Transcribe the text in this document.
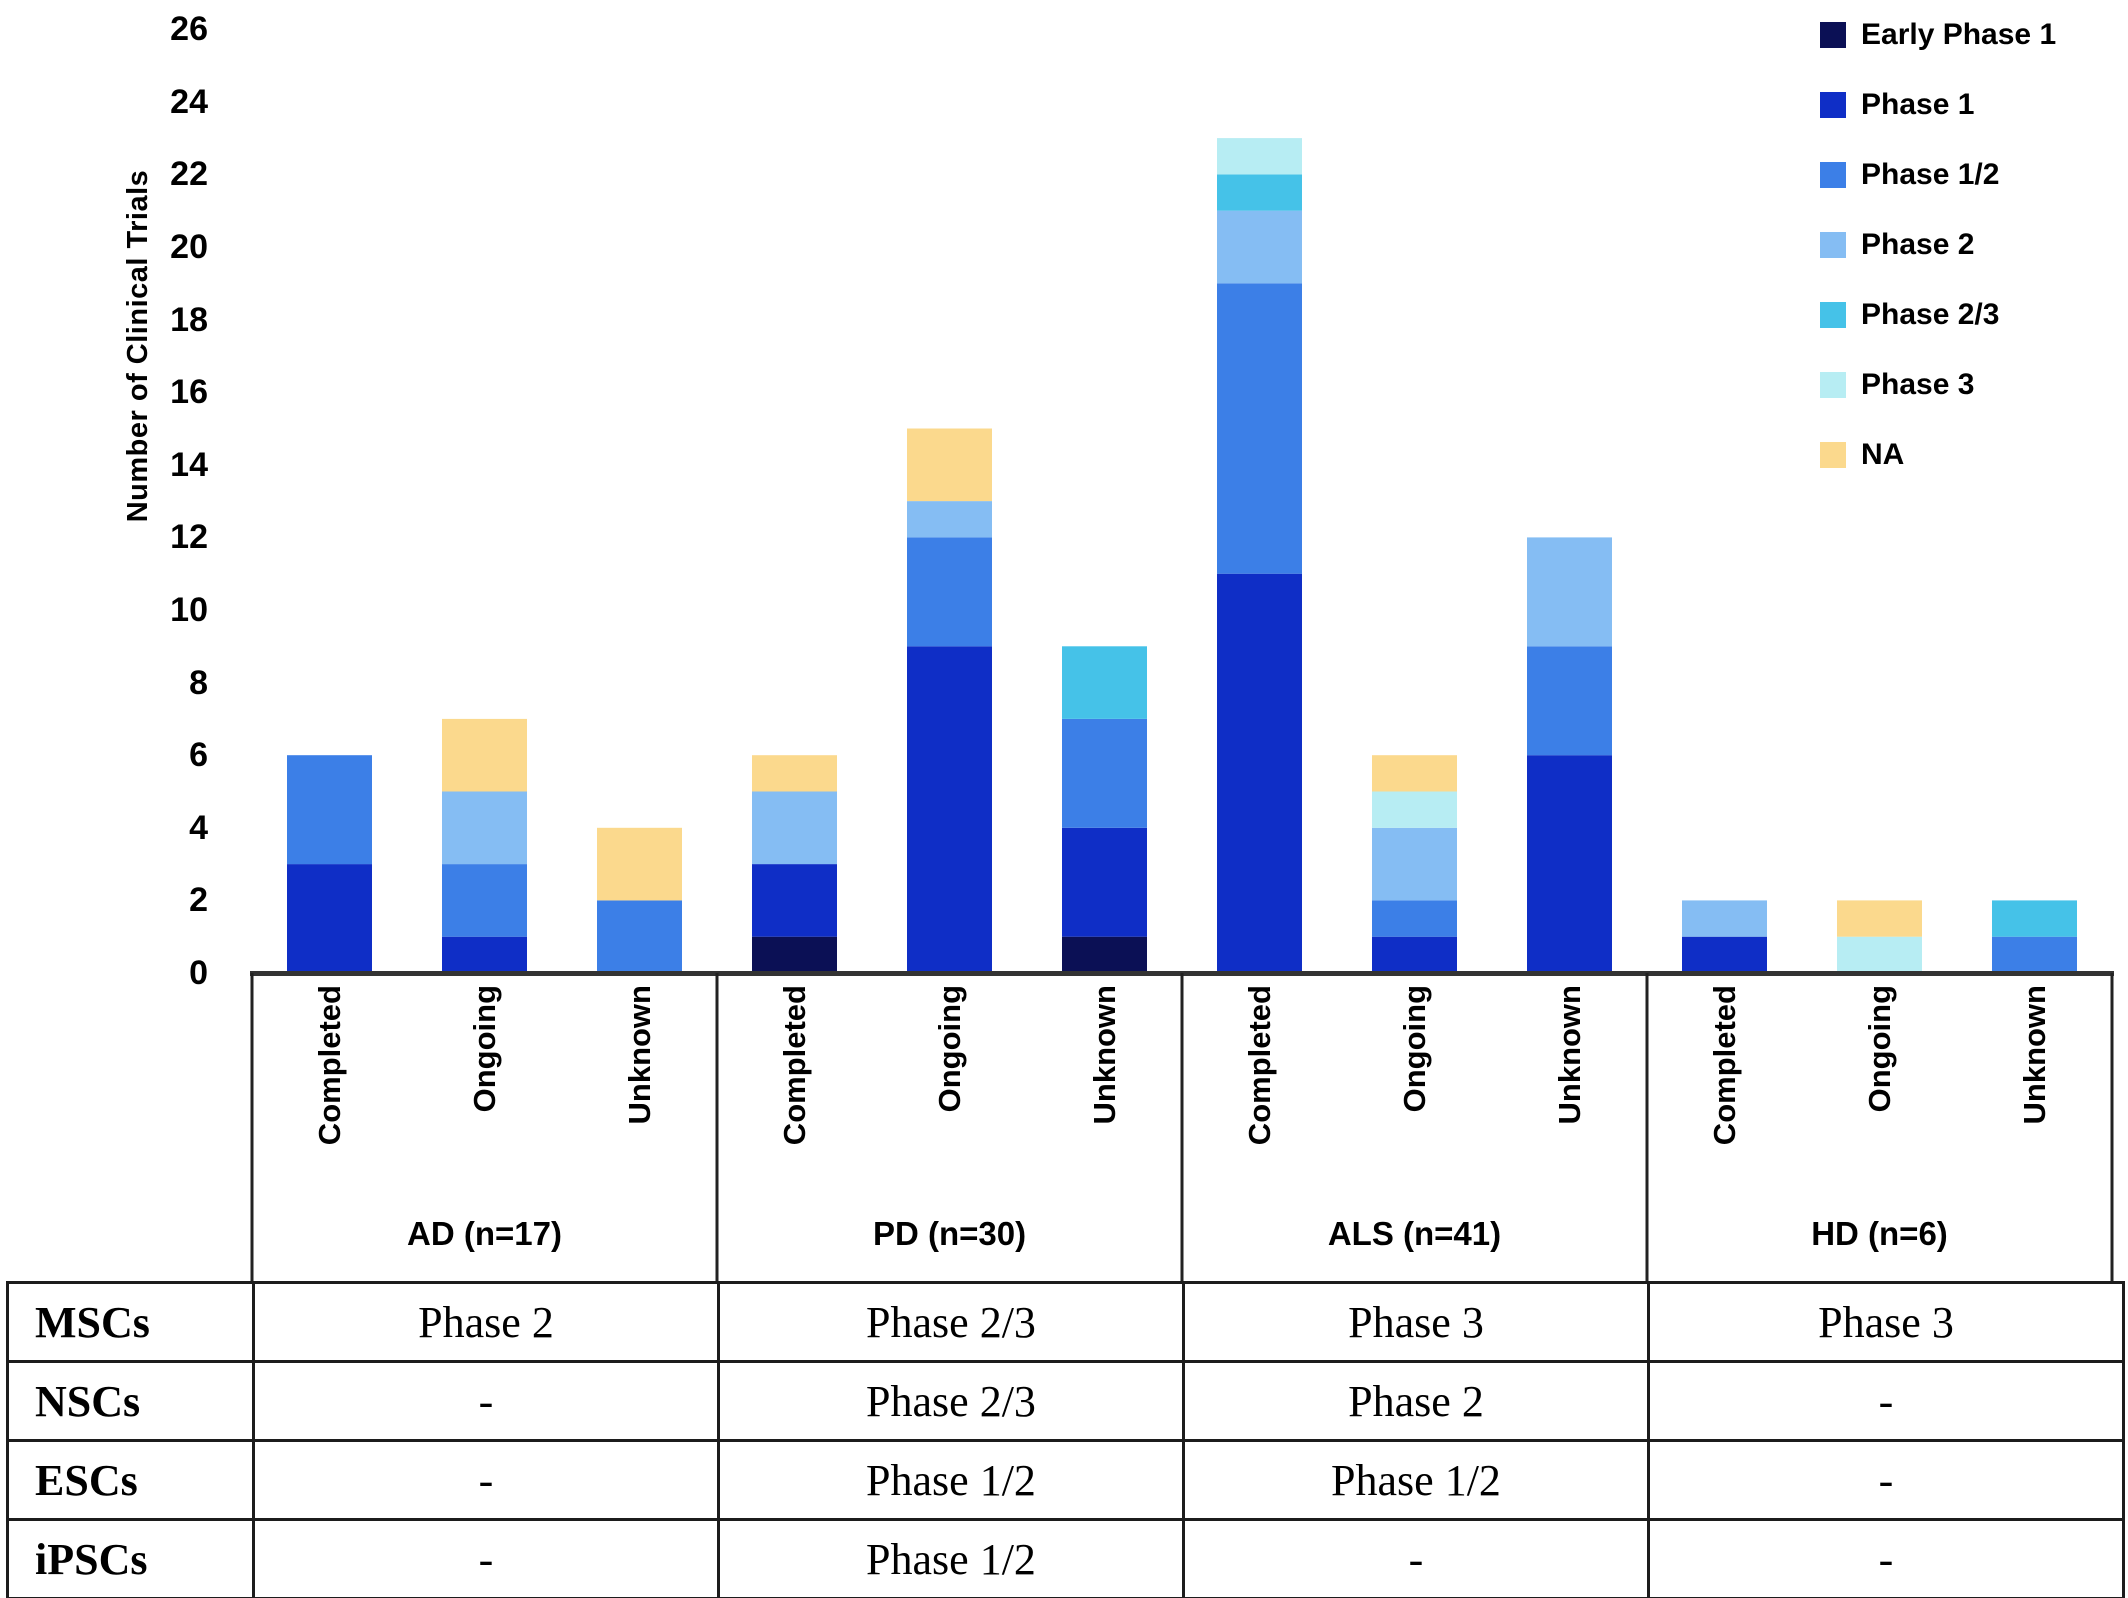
Number of Clinical Trials
0
2
4
6
8
10
12
14
16
18
20
22
24
26
Completed	Ongoing	Unknown
AD (n=17)
Completed	Ongoing	Unknown
PD (n=30)
Completed	Ongoing	Unknown
ALS (n=41)
Completed	Ongoing	Unknown
HD (n=6)
Early Phase 1
Phase 1
Phase 1/2
Phase 2
Phase 2/3
Phase 3
NA
MSCs	Phase 2	Phase 2/3	Phase 3	Phase 3
NSCs	-	Phase 2/3	Phase 2	-
ESCs	-	Phase 1/2	Phase 1/2	-
iPSCs	-	Phase 1/2	-	-
